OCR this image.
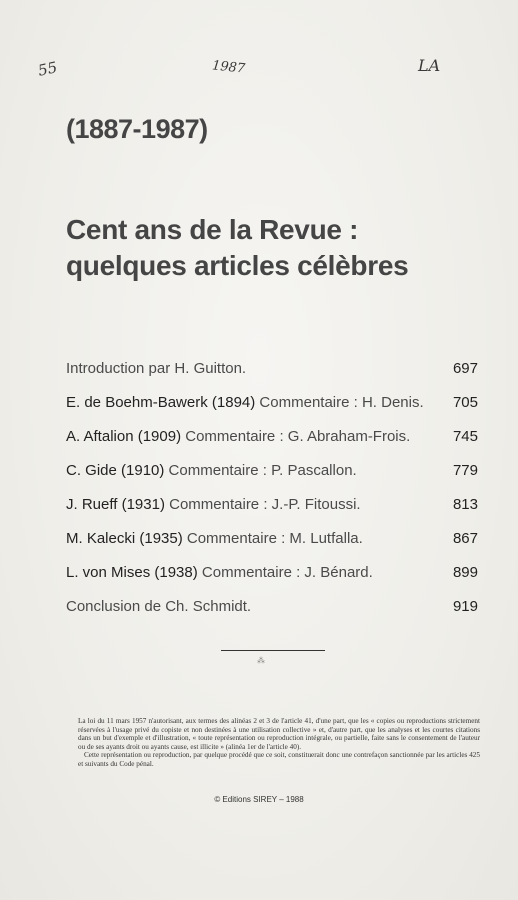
55	1987	LA
(1887-1987)
Cent ans de la Revue :
quelques articles célèbres
Introduction par H. Guitton.	697
E. de Boehm-Bawerk (1894) Commentaire : H. Denis. 705
A. Aftalion (1909) Commentaire : G. Abraham-Frois.	745
C. Gide (1910) Commentaire : P. Pascallon.	779
J. Rueff (1931) Commentaire : J.-P. Fitoussi.	813
M. Kalecki (1935) Commentaire : M. Lutfalla.	867
L. von Mises (1938) Commentaire : J. Bénard.	899
Conclusion de Ch. Schmidt.	919
⁂

La loi du 11 mars 1957 n'autorisant, aux termes des alinéas 2 et 3 de l'article 41, d'une part, que les « copies ou reproductions strictement réservées à l'usage privé du copiste et non destinées à une utilisation collective » et, d'autre part, que les analyses et les courtes citations dans un but d'exemple et d'illustration, « toute représentation ou reproduction intégrale, ou partielle, faite sans le consentement de l'auteur ou de ses ayants droit ou ayants cause, est illicite » (alinéa 1er de l'article 40).

Cette représentation ou reproduction, par quelque procédé que ce soit, constituerait donc une contrefaçon sanctionnée par les articles 425 et suivants du Code pénal.

© Editions SIREY – 1988
